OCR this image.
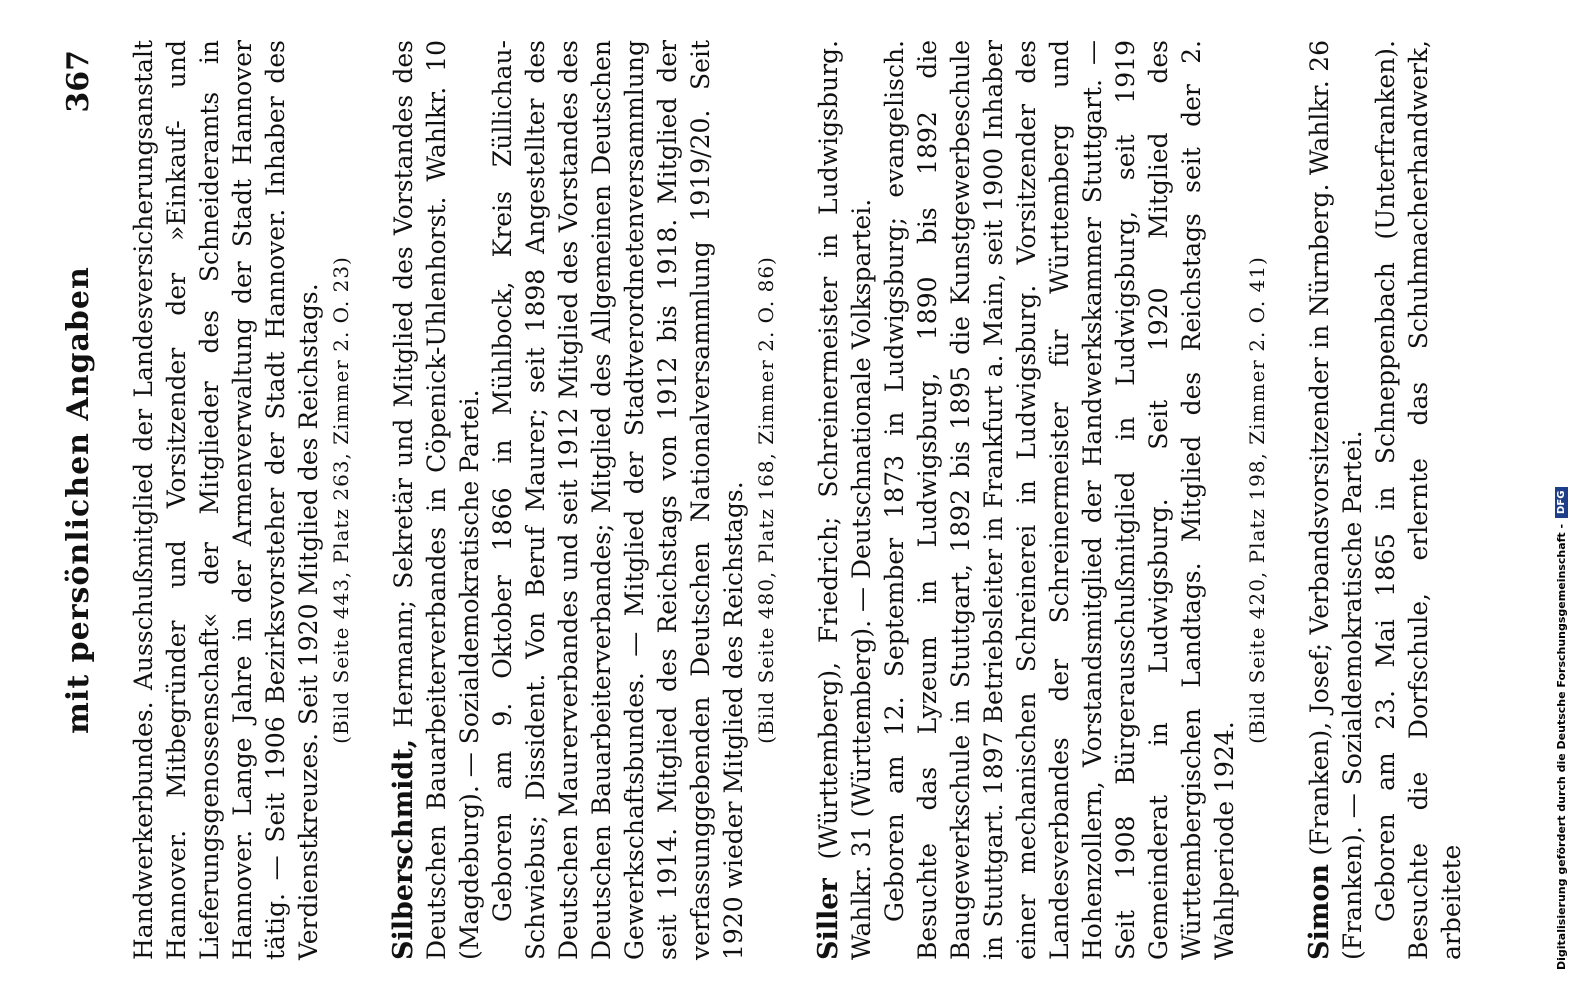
mit persönlichen Angaben
367 Handwerkerbundes. Ausschußmitglied der Landesversicherungsanstalt Hannover. Mitbegründer und Vorsitzender der »Einkauf- und Lieferungsgenossenschaft« der Mitglieder des Schneideramts in Hannover. Lange Jahre in der Armenverwaltung der Stadt Hannover tätig. — Seit 1906 Bezirksvorsteher der Stadt Hannover. Inhaber des Verdienstkreuzes. Seit 1920 Mitglied des Reichstags. (Bild Seite 443, Platz 263, Zimmer 2. O. 23)

Silberschmidt, Hermann; Sekretär und Mitglied des Vorstandes des Deutschen Bauarbeiterverbandes in Cöpenick-Uhlenhorst. Wahlkr. 10 (Magdeburg). — Sozialdemokratische Partei. Geboren am 9. Oktober 1866 in Mühlbock, Kreis Züllichau-Schwiebus; Dissident. Von Beruf Maurer; seit 1898 Angestellter des Deutschen Maurerverbandes und seit 1912 Mitglied des Vorstandes des Deutschen Bauarbeiterverbandes; Mitglied des Allgemeinen Deutschen Gewerkschaftsbundes. — Mitglied der Stadtverordnetenversammlung seit 1914. Mitglied des Reichstags von 1912 bis 1918. Mitglied der verfassunggebenden Deutschen Nationalversammlung 1919/20. Seit 1920 wieder Mitglied des Reichstags. (Bild Seite 480, Platz 168, Zimmer 2. O. 86)

Siller (Württemberg), Friedrich; Schreinermeister in Ludwigsburg. Wahlkr. 31 (Württemberg). — Deutschnationale Volkspartei. Geboren am 12. September 1873 in Ludwigsburg; evangelisch. Besuchte das Lyzeum in Ludwigsburg, 1890 bis 1892 die Baugewerkschule in Stuttgart, 1892 bis 1895 die Kunstgewerbeschule in Stuttgart. 1897 Betriebsleiter in Frankfurt a. Main, seit 1900 Inhaber einer mechanischen Schreinerei in Ludwigsburg. Vorsitzender des Landesverbandes der Schreinermeister für Württemberg und Hohenzollern, Vorstandsmitglied der Handwerkskammer Stuttgart. — Seit 1908 Bürgerausschußmitglied in Ludwigsburg, seit 1919 Gemeinderat in Ludwigsburg. Seit 1920 Mitglied des Württembergischen Landtags. Mitglied des Reichstags seit der 2. Wahlperiode 1924.

(Bild Seite 420, Platz 198, Zimmer 2. O. 41)

Simon (Franken), Josef; Verbandsvorsitzender in Nürnberg. Wahlkr. 26 (Franken). — Sozialdemokratische Partei. Geboren am 23. Mai 1865 in Schneppenbach (Unterfranken). Besuchte die Dorfschule, erlernte das Schuhmacherhandwerk, arbeitete	Digitalisierung gefördert durch die Deutsche Forschungsgemeinschaft -
DFG
